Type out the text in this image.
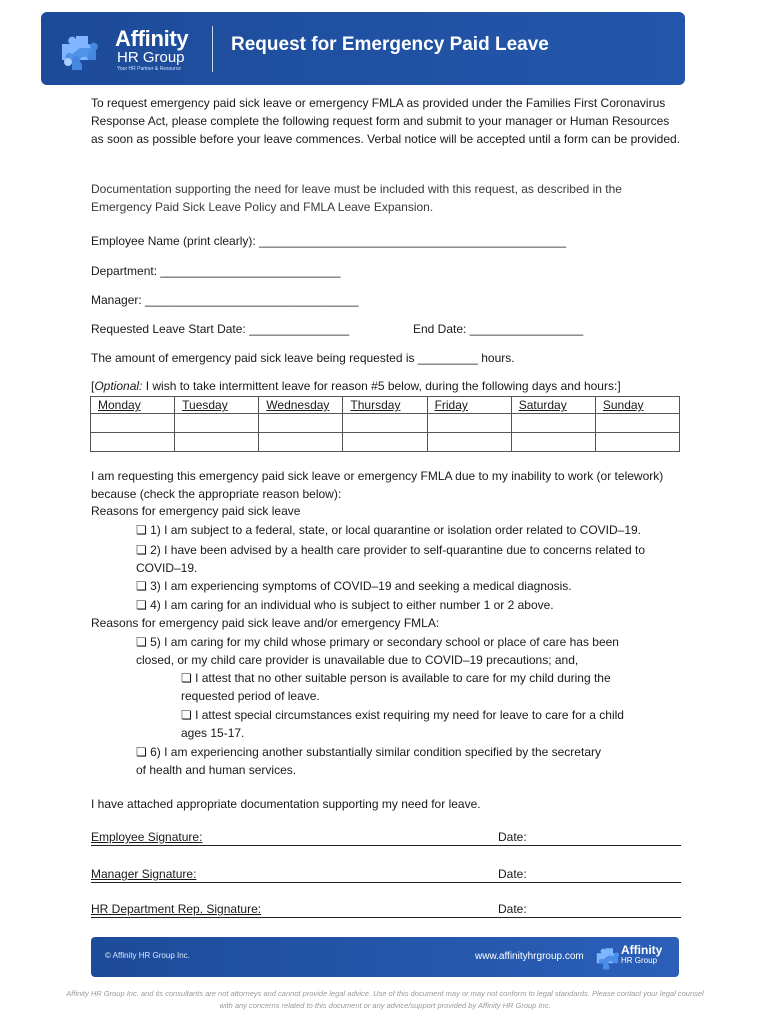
Affinity
HR Group
Your HR Partner & Resource
Request for Emergency Paid Leave
To request emergency paid sick leave or emergency FMLA as provided under the Families First Coronavirus Response Act, please complete the following request form and submit to your manager or Human Resources as soon as possible before your leave commences. Verbal notice will be accepted until a form can be provided.
Documentation supporting the need for leave must be included with this request, as described in the Emergency Paid Sick Leave Policy and FMLA Leave Expansion.
Employee Name (print clearly): ______________________________________________
Department: ___________________________
Manager: ________________________________
Requested Leave Start Date: _______________	End Date: _________________
The amount of emergency paid sick leave being requested is _________ hours.
[Optional: I wish to take intermittent leave for reason #5 below, during the following days and hours:]
Monday	Tuesday	Wednesday	Thursday	Friday	Saturday	Sunday

I am requesting this emergency paid sick leave or emergency FMLA due to my inability to work (or telework) because (check the appropriate reason below):
Reasons for emergency paid sick leave
❏ 1) I am subject to a federal, state, or local quarantine or isolation order related to COVID–19.
❏ 2) I have been advised by a health care provider to self-quarantine due to concerns related to
COVID–19.
❏ 3) I am experiencing symptoms of COVID–19 and seeking a medical diagnosis.
❏ 4) I am caring for an individual who is subject to either number 1 or 2 above.
Reasons for emergency paid sick leave and/or emergency FMLA:
❏ 5) I am caring for my child whose primary or secondary school or place of care has been
closed, or my child care provider is unavailable due to COVID–19 precautions; and,
❏ I attest that no other suitable person is available to care for my child during the
requested period of leave.
❏ I attest special circumstances exist requiring my need for leave to care for a child
ages 15-17.
❏ 6) I am experiencing another substantially similar condition specified by the secretary
of health and human services.
I have attached appropriate documentation supporting my need for leave.
Employee Signature:	Date:
Manager Signature:	Date:
HR Department Rep. Signature:	Date:
© Affinity HR Group Inc.	www.affinityhrgroup.com	Affinity
HR Group
Affinity HR Group Inc. and its consultants are not attorneys and cannot provide legal advice. Use of this document may or may not conform to legal standards. Please contact your legal counsel
with any concerns related to this document or any advice/support provided by Affinity HR Group Inc.
